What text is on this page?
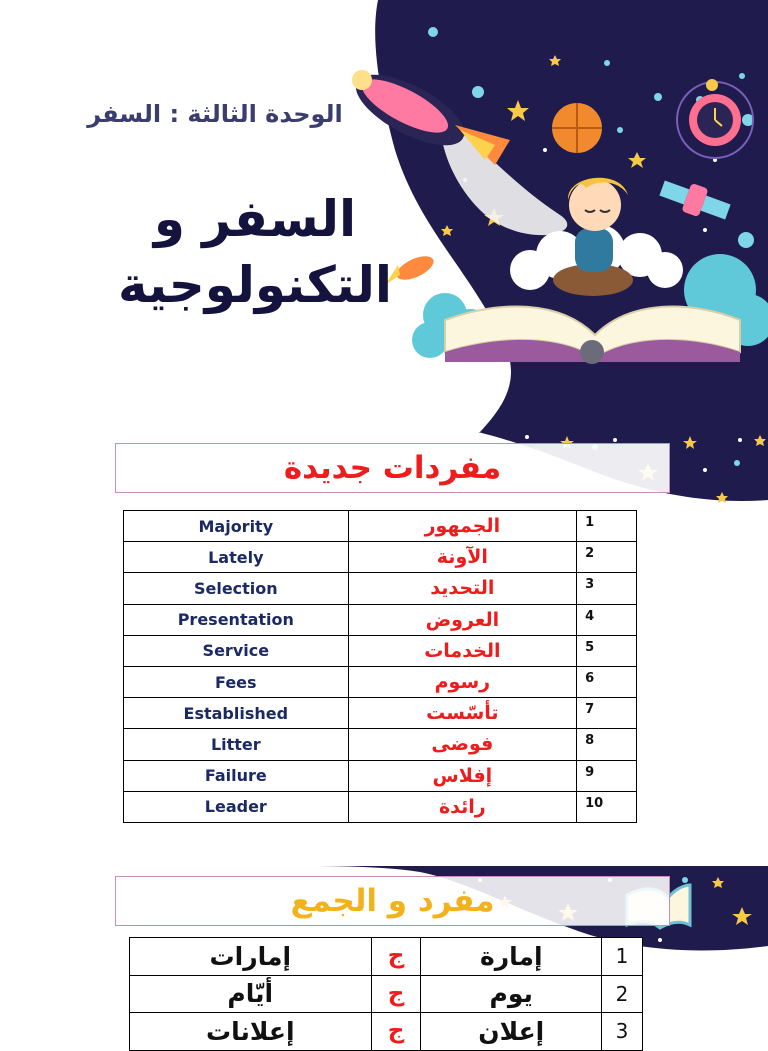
الوحدة الثالثة : السفر
السفر و التكنولوجية
مفردات جديدة
Majority	الجمهور	1
Lately	الآونة	2
Selection	التحديد	3
Presentation	العروض	4
Service	الخدمات	5
Fees	رسوم	6
Established	تأسّست	7
Litter	فوضى	8
Failure	إفلاس	9
Leader	رائدة	10
مفرد و الجمع
إمارات	ج	إمارة	1
أيّام	ج	يوم	2
إعلانات	ج	إعلان	3
